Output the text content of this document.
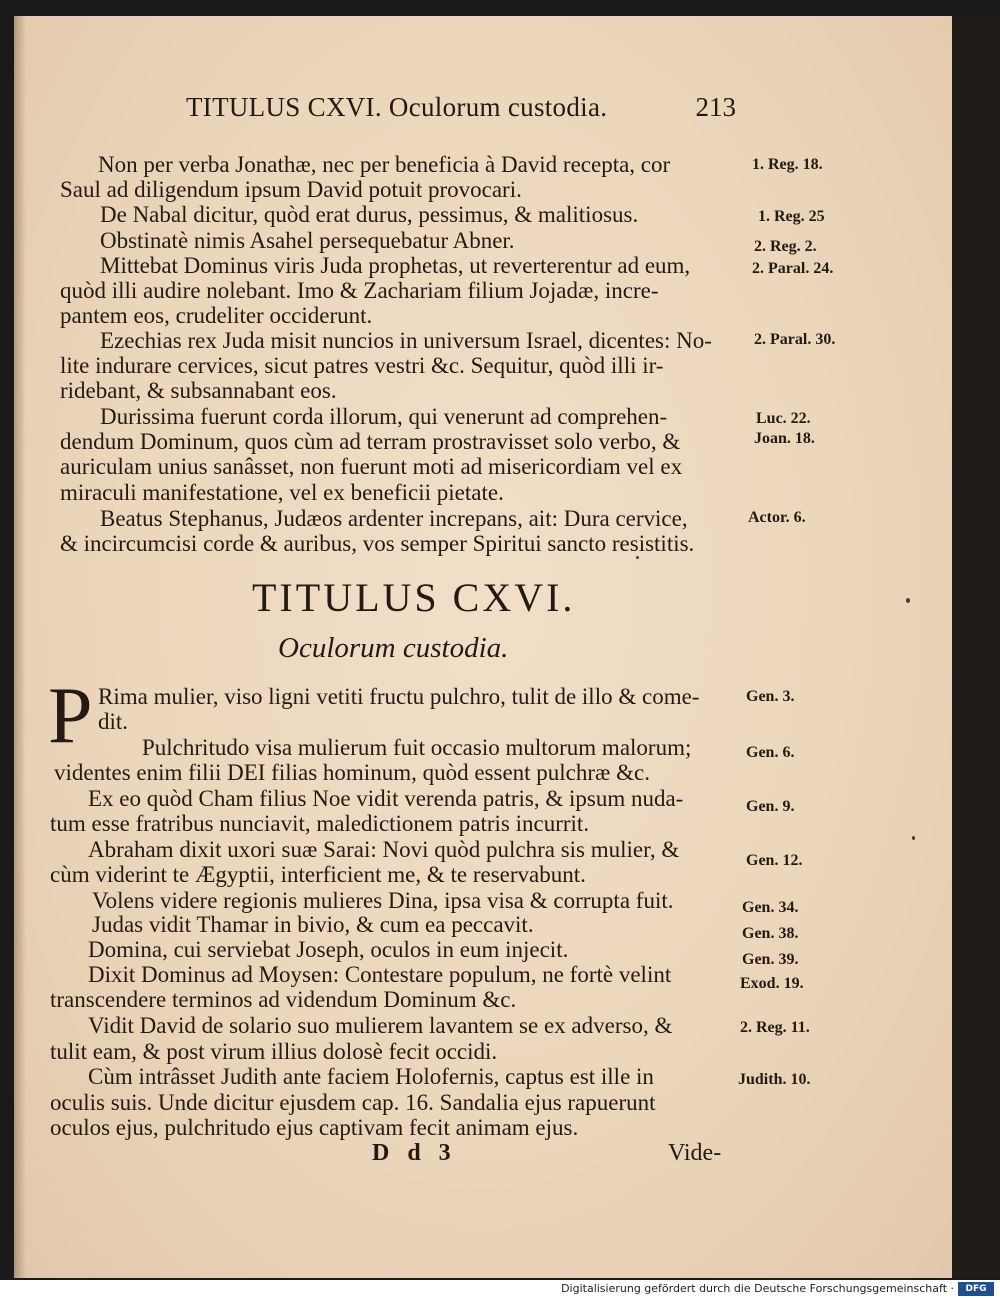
TITULUS CXVI. Oculorum custodia.	213
Non per verba Jonathæ, nec per beneficia à David recepta, cor
Saul ad diligendum ipsum David potuit provocari.
De Nabal dicitur, quòd erat durus, pessimus, & malitiosus.
Obstinatè nimis Asahel persequebatur Abner.
Mittebat Dominus viris Juda prophetas, ut reverterentur ad eum,
quòd illi audire nolebant. Imo & Zachariam filium Jojadæ, incre-
pantem eos, crudeliter occiderunt.
Ezechias rex Juda misit nuncios in universum Israel, dicentes: No-
lite indurare cervices, sicut patres vestri &c. Sequitur, quòd illi ir-
ridebant, & subsannabant eos.
Durissima fuerunt corda illorum, qui venerunt ad comprehen-
dendum Dominum, quos cùm ad terram prostravisset solo verbo, &
auriculam unius sanâsset, non fuerunt moti ad misericordiam vel ex
miraculi manifestatione, vel ex beneficii pietate.
Beatus Stephanus, Judæos ardenter increpans, ait: Dura cervice,
& incircumcisi corde & auribus, vos semper Spiritui sancto resistitis.
1. Reg. 18.
1. Reg. 25
2. Reg. 2.
2. Paral. 24.
2. Paral. 30.
Luc. 22.
Joan. 18.
Actor. 6.
TITULUS CXVI.
Oculorum custodia.
P Rima mulier, viso ligni vetiti fructu pulchro, tulit de illo & come-
dit.
Pulchritudo visa mulierum fuit occasio multorum malorum;
videntes enim filii DEI filias hominum, quòd essent pulchræ &c.
Ex eo quòd Cham filius Noe vidit verenda patris, & ipsum nuda-
tum esse fratribus nunciavit, maledictionem patris incurrit.
Abraham dixit uxori suæ Sarai: Novi quòd pulchra sis mulier, &
cùm viderint te Ægyptii, interficient me, & te reservabunt.
Volens videre regionis mulieres Dina, ipsa visa & corrupta fuit.
Judas vidit Thamar in bivio, & cum ea peccavit.
Domina, cui serviebat Joseph, oculos in eum injecit.
Dixit Dominus ad Moysen: Contestare populum, ne fortè velint
transcendere terminos ad videndum Dominum &c.
Vidit David de solario suo mulierem lavantem se ex adverso, &
tulit eam, & post virum illius dolosè fecit occidi.
Cùm intrâsset Judith ante faciem Holofernis, captus est ille in
oculis suis. Unde dicitur ejusdem cap. 16. Sandalia ejus rapuerunt
oculos ejus, pulchritudo ejus captivam fecit animam ejus.
Gen. 3.
Gen. 6.
Gen. 9.
Gen. 12.
Gen. 34.
Gen. 38.
Gen. 39.
Exod. 19.
2. Reg. 11.
Judith. 10.
D d 3	Vide-
Digitalisierung gefördert durch die Deutsche Forschungsgemeinschaft ·	DFG
